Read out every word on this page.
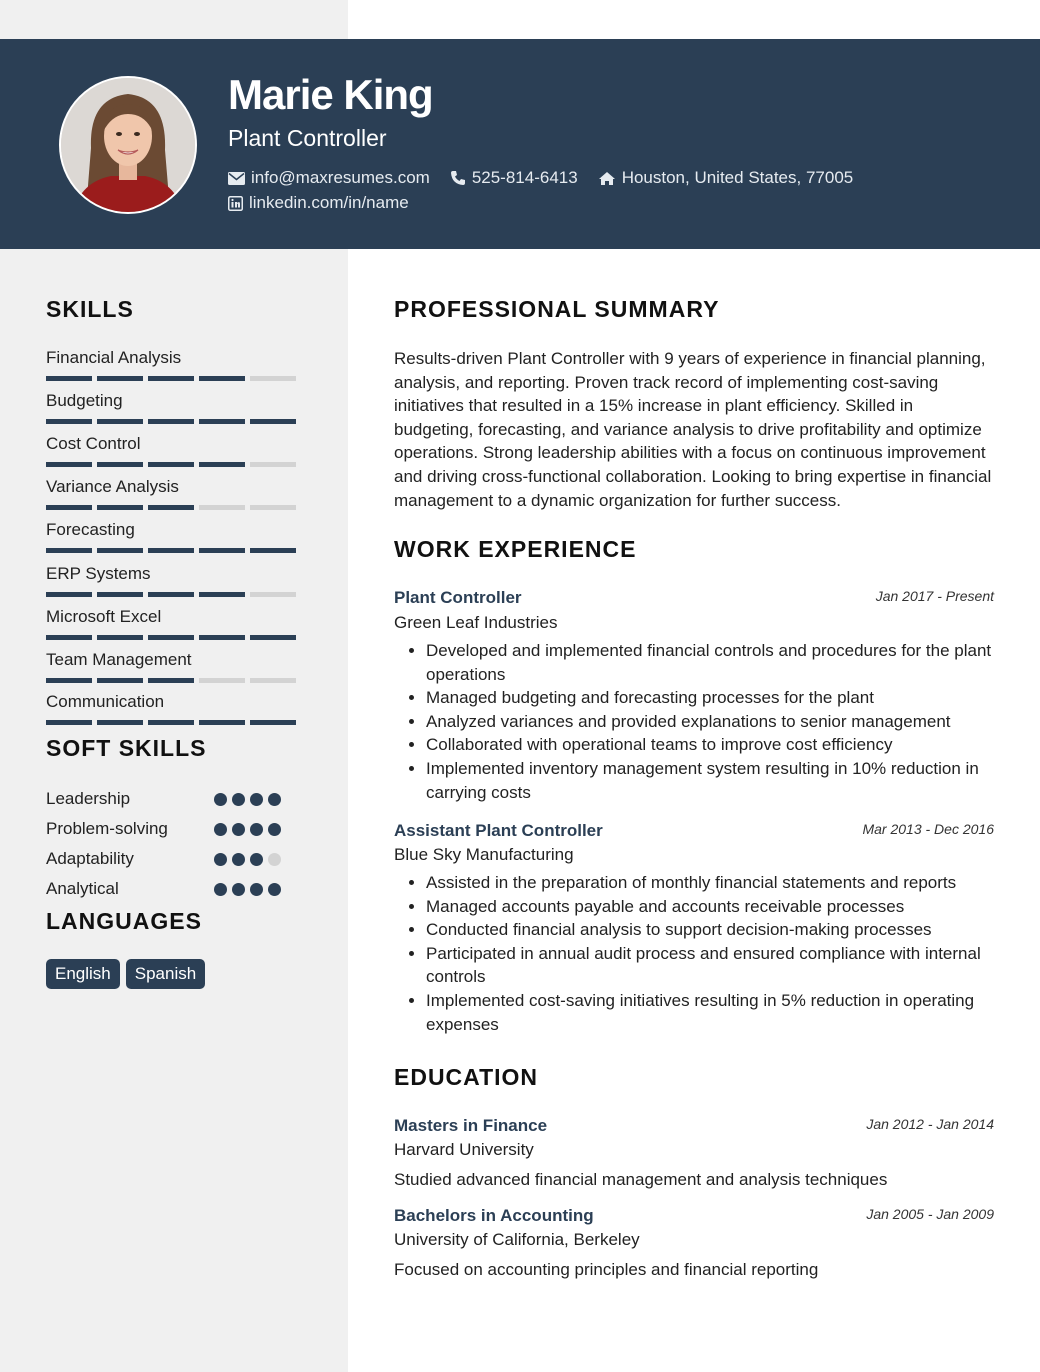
Marie King
Plant Controller
info@maxresumes.com 525-814-6413	Houston, United States, 77005
linkedin.com/in/name
SKILLS
Financial Analysis
Budgeting
Cost Control
Variance Analysis
Forecasting
ERP Systems
Microsoft Excel
Team Management
Communication
SOFT SKILLS
Leadership
Problem-solving
Adaptability
Analytical
LANGUAGES
English	Spanish
PROFESSIONAL SUMMARY
Results-driven Plant Controller with 9 years of experience in financial planning, analysis, and reporting. Proven track record of implementing cost-saving initiatives that resulted in a 15% increase in plant efficiency. Skilled in budgeting, forecasting, and variance analysis to drive profitability and optimize operations. Strong leadership abilities with a focus on continuous improvement and driving cross-functional collaboration. Looking to bring expertise in financial management to a dynamic organization for further success.
WORK EXPERIENCE
Plant Controller	Jan 2017 - Present
Green Leaf Industries
• Developed and implemented financial controls and procedures for the plant operations
• Managed budgeting and forecasting processes for the plant
• Analyzed variances and provided explanations to senior management
• Collaborated with operational teams to improve cost efficiency
• Implemented inventory management system resulting in 10% reduction in carrying costs
Assistant Plant Controller	Mar 2013 - Dec 2016
Blue Sky Manufacturing
• Assisted in the preparation of monthly financial statements and reports
• Managed accounts payable and accounts receivable processes
• Conducted financial analysis to support decision-making processes
• Participated in annual audit process and ensured compliance with internal controls
• Implemented cost-saving initiatives resulting in 5% reduction in operating expenses
EDUCATION
Masters in Finance	Jan 2012 - Jan 2014
Harvard University
Studied advanced financial management and analysis techniques
Bachelors in Accounting	Jan 2005 - Jan 2009
University of California, Berkeley
Focused on accounting principles and financial reporting
